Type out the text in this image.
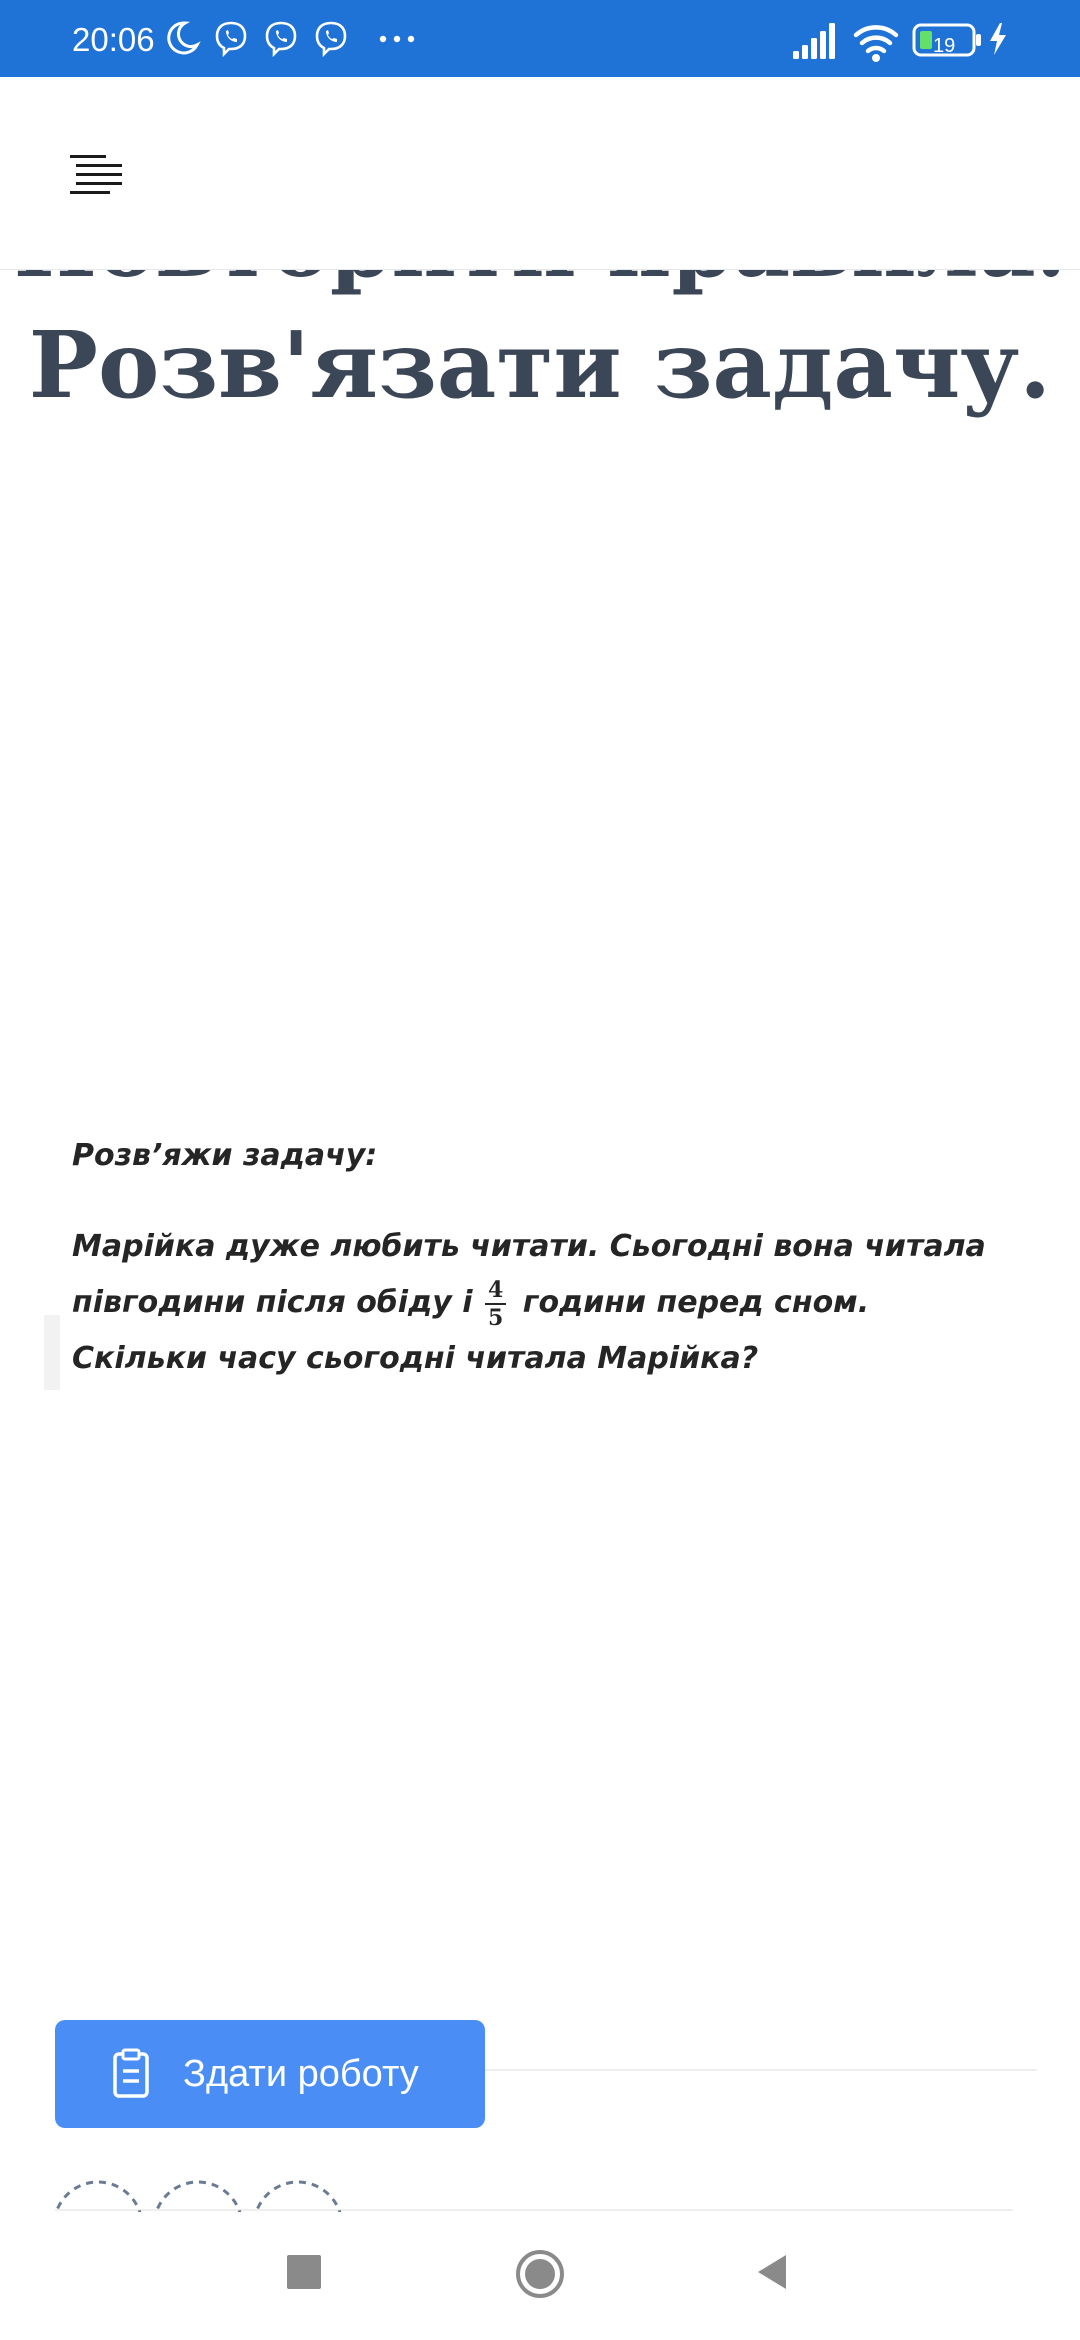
20:06	19
Розв'язати задачу.
Розв’яжи задачу:
Марійка дуже любить читати. Сьогодні вона читала півгодини після обіду і $\frac{4}{5}$ години перед сном. Скільки часу сьогодні читала Марійка?
Здати роботу
